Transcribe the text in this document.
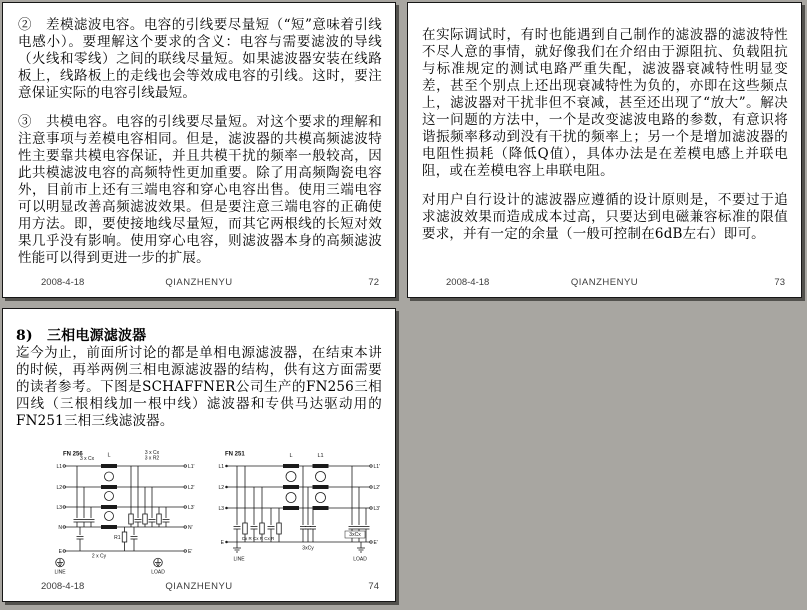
②　差模滤波电容。电容的引线要尽量短（“短”意味着引线电感小）。要理解这个要求的含义：电容与需要滤波的导线（火线和零线）之间的联线尽量短。如果滤波器安装在线路板上，线路板上的走线也会等效成电容的引线。这时，要注意保证实际的电容引线最短。

③　共模电容。电容的引线要尽量短。对这个要求的理解和注意事项与差模电容相同。但是，滤波器的共模高频滤波特性主要靠共模电容保证，并且共模干扰的频率一般较高，因此共模滤波电容的高频特性更加重要。除了用高频陶瓷电容外，目前市上还有三端电容和穿心电容出售。使用三端电容可以明显改善高频滤波效果。但是要注意三端电容的正确使用方法。即，要使接地线尽量短，而其它两根线的长短对效果几乎没有影响。使用穿心电容，则滤波器本身的高频滤波性能可以得到更进一步的扩展。

2008-4-18	QIANZHENYU	72

在实际调试时，有时也能遇到自己制作的滤波器的滤波特性不尽人意的事情，就好像我们在介绍由于源阻抗、负载阻抗与标准规定的测试电路严重失配，滤波器衰减特性明显变差，甚至个别点上还出现衰减特性为负的，亦即在这些频点上，滤波器对干扰非但不衰减，甚至还出现了“放大”。解决这一问题的方法中，一个是改变滤波电路的参数，有意识将谐振频率移动到没有干扰的频率上；另一个是增加滤波器的电阻性损耗（降低Q值），具体办法是在差模电感上并联电阻，或在差模电容上串联电阻。

对用户自行设计的滤波器应遵循的设计原则是，不要过于追求滤波效果而造成成本过高，只要达到电磁兼容标准的限值要求，并有一定的余量（一般可控制在6dB左右）即可。

2008-4-18	QIANZHENYU	73

8)　三相电源滤波器

迄今为止，前面所讨论的都是单相电源滤波器，在结束本讲的时候，再举两例三相电源滤波器的结构，供有这方面需要的读者参考。下图是SCHAFFNER公司生产的FN256三相四线（三根相线加一根中线）滤波器和专供马达驱动用的FN251三相三线滤波器。

FN 256
3 x Cx
L	3 x Cx
3 x R2
R1
2 x Cy
L1
L2
L3
N
E
L1'
L2'
L3'
N'
E'
LINE	LOAD
FN 251	L L1
Cx R Cx R Cx R
3xCy
3xCx
L1
L2
L3
E
L1'
L2'
L3'
E'
LINE	LOAD
2008-4-18	QIANZHENYU	74
